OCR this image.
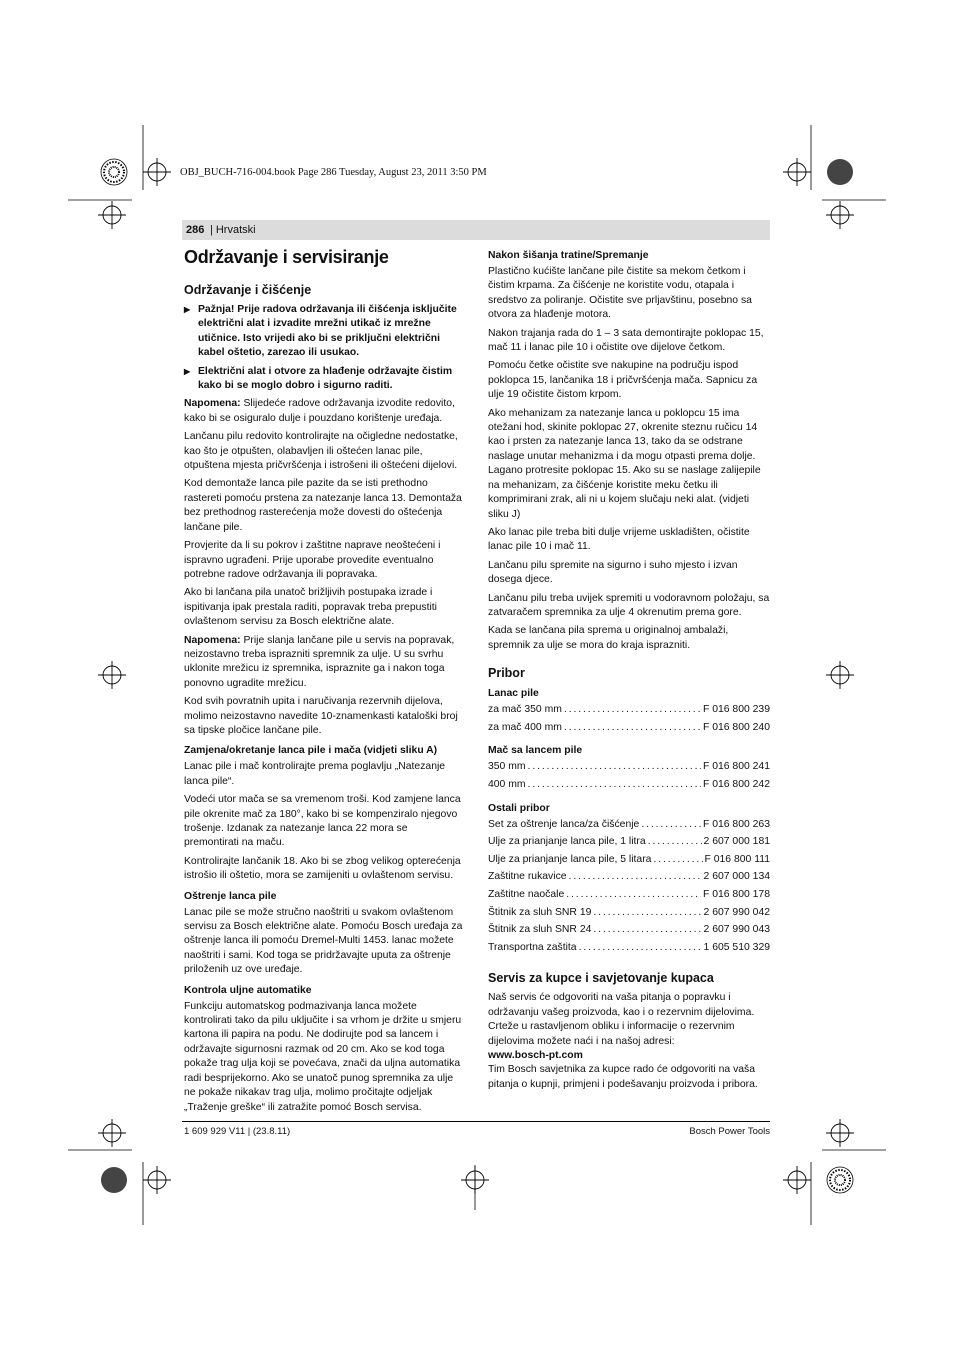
OBJ_BUCH-716-004.book Page 286 Tuesday, August 23, 2011 3:50 PM
286	| Hrvatski
Održavanje i servisiranje
Održavanje i čišćenje
▶ Pažnja! Prije radova održavanja ili čišćenja isključite električni alat i izvadite mrežni utikač iz mrežne utičnice. Isto vrijedi ako bi se priključni električni kabel oštetio, zarezao ili usukao.
▶ Električni alat i otvore za hlađenje održavajte čistim kako bi se moglo dobro i sigurno raditi.

Napomena: Slijedeće radove održavanja izvodite redovito, kako bi se osiguralo dulje i pouzdano korištenje uređaja.

Lančanu pilu redovito kontrolirajte na očigledne nedostatke, kao što je otpušten, olabavljen ili oštećen lanac pile, otpuštena mjesta pričvršćenja i istrošeni ili oštećeni dijelovi.

Kod demontaže lanca pile pazite da se isti prethodno rastereti pomoću prstena za natezanje lanca 13. Demontaža bez prethodnog rasterećenja može dovesti do oštećenja lančane pile.

Provjerite da li su pokrov i zaštitne naprave neoštećeni i ispravno ugrađeni. Prije uporabe provedite eventualno potrebne radove održavanja ili popravaka.

Ako bi lančana pila unatoč brižljivih postupaka izrade i ispitivanja ipak prestala raditi, popravak treba prepustiti ovlaštenom servisu za Bosch električne alate.

Napomena: Prije slanja lančane pile u servis na popravak, neizostavno treba isprazniti spremnik za ulje. U su svrhu uklonite mrežicu iz spremnika, ispraznite ga i nakon toga ponovno ugradite mrežicu.

Kod svih povratnih upita i naručivanja rezervnih dijelova, molimo neizostavno navedite 10-znamenkasti kataloški broj sa tipske pločice lančane pile.

Zamjena/okretanje lanca pile i mača (vidjeti sliku A)

Lanac pile i mač kontrolirajte prema poglavlju „Natezanje lanca pile“.

Vodeći utor mača se sa vremenom troši. Kod zamjene lanca pile okrenite mač za 180°, kako bi se kompenziralo njegovo trošenje. Izdanak za natezanje lanca 22 mora se premontirati na maču.

Kontrolirajte lančanik 18. Ako bi se zbog velikog opterećenja istrošio ili oštetio, mora se zamijeniti u ovlaštenom servisu.

Oštrenje lanca pile

Lanac pile se može stručno naoštriti u svakom ovlaštenom servisu za Bosch električne alate. Pomoću Bosch uređaja za oštrenje lanca ili pomoću Dremel-Multi 1453. lanac možete naoštriti i sami. Kod toga se pridržavajte uputa za oštrenje priloženih uz ove uređaje.

Kontrola uljne automatike

Funkciju automatskog podmazivanja lanca možete kontrolirati tako da pilu uključite i sa vrhom je držite u smjeru kartona ili papira na podu. Ne dodirujte pod sa lancem i održavajte sigurnosni razmak od 20 cm. Ako se kod toga pokaže trag ulja koji se povećava, znači da uljna automatika radi besprijekorno. Ako se unatoč punog spremnika za ulje ne pokaže nikakav trag ulja, molimo pročitajte odjeljak „Traženje greške“ ili zatražite pomoć Bosch servisa.

Nakon šišanja tratine/Spremanje

Plastično kućište lančane pile čistite sa mekom četkom i čistim krpama. Za čišćenje ne koristite vodu, otapala i sredstvo za poliranje. Očistite sve prljavštinu, posebno sa otvora za hlađenje motora.

Nakon trajanja rada do 1 – 3 sata demontirajte poklopac 15, mač 11 i lanac pile 10 i očistite ove dijelove četkom.

Pomoću četke očistite sve nakupine na području ispod poklopca 15, lančanika 18 i pričvršćenja mača. Sapnicu za ulje 19 očistite čistom krpom.

Ako mehanizam za natezanje lanca u poklopcu 15 ima otežani hod, skinite poklopac 27, okrenite steznu ručicu 14 kao i prsten za natezanje lanca 13, tako da se odstrane naslage unutar mehanizma i da mogu otpasti prema dolje. Lagano protresite poklopac 15. Ako su se naslage zalijepile na mehanizam, za čišćenje koristite meku četku ili komprimirani zrak, ali ni u kojem slučaju neki alat. (vidjeti sliku J)

Ako lanac pile treba biti dulje vrijeme uskladišten, očistite lanac pile 10 i mač 11.

Lančanu pilu spremite na sigurno i suho mjesto i izvan dosega djece.

Lančanu pilu treba uvijek spremiti u vodoravnom položaju, sa zatvaračem spremnika za ulje 4 okrenutim prema gore.

Kada se lančana pila sprema u originalnoj ambalaži, spremnik za ulje se mora do kraja isprazniti.

Pribor
Lanac pile
za mač 350 mm . . .	F 016 800 239
za mač 400 mm . . .	F 016 800 240
Mač sa lancem pile
350 mm . . .	F 016 800 241
400 mm . . .	F 016 800 242
Ostali pribor
Set za oštrenje lanca/za čišćenje . . .	F 016 800 263
Ulje za prianjanje lanca pile, 1 litra . . .	2 607 000 181
Ulje za prianjanje lanca pile, 5 litara . . .	F 016 800 111
Zaštitne rukavice . . .	2 607 000 134
Zaštitne naočale . . .	F 016 800 178
Štitnik za sluh SNR 19 . . .	2 607 990 042
Štitnik za sluh SNR 24 . . .	2 607 990 043
Transportna zaštita . . .	1 605 510 329
Servis za kupce i savjetovanje kupaca

Naš servis će odgovoriti na vaša pitanja o popravku i održavanju vašeg proizvoda, kao i o rezervnim dijelovima. Crteže u rastavljenom obliku i informacije o rezervnim dijelovima možete naći i na našoj adresi:

www.bosch-pt.com

Tim Bosch savjetnika za kupce rado će odgovoriti na vaša pitanja o kupnji, primjeni i podešavanju proizvoda i pribora.

1 609 929 V11 | (23.8.11)	Bosch Power Tools
